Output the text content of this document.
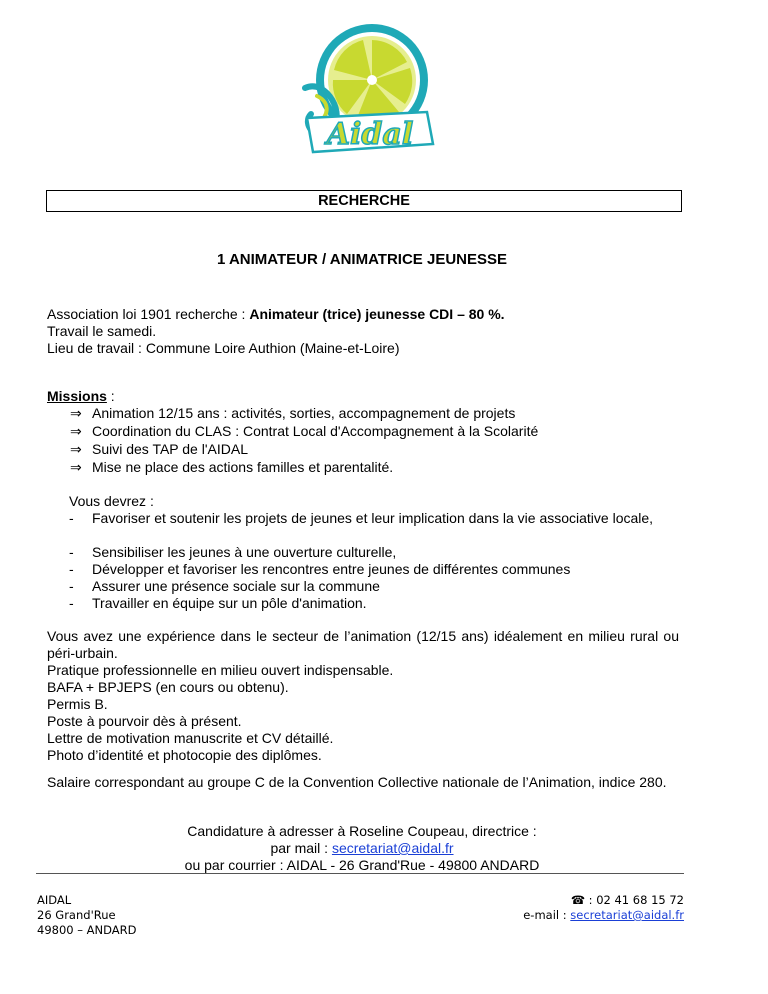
Aidal
RECHERCHE
1 ANIMATEUR / ANIMATRICE JEUNESSE
Association loi 1901 recherche : Animateur (trice) jeunesse CDI – 80 %.
Travail le samedi.
Lieu de travail : Commune Loire Authion (Maine-et-Loire)
Missions :
⇒ Animation 12/15 ans : activités, sorties, accompagnement de projets
⇒ Coordination du CLAS : Contrat Local d'Accompagnement à la Scolarité
⇒ Suivi des TAP de l'AIDAL
⇒ Mise ne place des actions familles et parentalité.
Vous devrez :
- Favoriser et soutenir les projets de jeunes et leur implication dans la vie associative locale,
- Sensibiliser les jeunes à une ouverture culturelle,
- Développer et favoriser les rencontres entre jeunes de différentes communes
- Assurer une présence sociale sur la commune
- Travailler en équipe sur un pôle d'animation.
Vous avez une expérience dans le secteur de l’animation (12/15 ans) idéalement en milieu rural ou péri-urbain.
Pratique professionnelle en milieu ouvert indispensable.
BAFA + BPJEPS (en cours ou obtenu).
Permis B.
Poste à pourvoir dès à présent.
Lettre de motivation manuscrite et CV détaillé.
Photo d’identité et photocopie des diplômes.
Salaire correspondant au groupe C de la Convention Collective nationale de l’Animation, indice 280.
Candidature à adresser à Roseline Coupeau, directrice :
par mail : secretariat@aidal.fr
ou par courrier : AIDAL - 26 Grand'Rue - 49800 ANDARD
AIDAL
26 Grand'Rue
49800 – ANDARD
☎ : 02 41 68 15 72
e-mail : secretariat@aidal.fr
